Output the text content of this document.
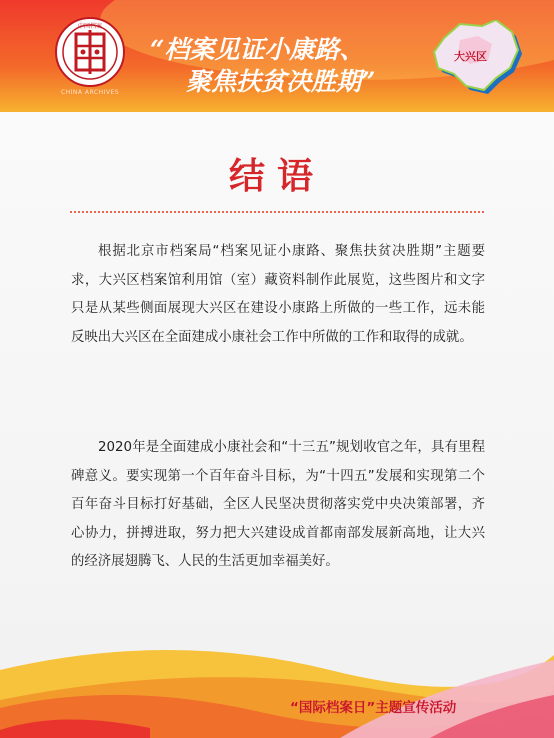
中国档案
CHINA ARCHIVES
“档案见证小康路、
聚焦扶贫决胜期”
大兴区
结语

根据北京市档案局“档案见证小康路、聚焦扶贫决胜期”主题要求，大兴区档案馆利用馆（室）藏资料制作此展览，这些图片和文字只是从某些侧面展现大兴区在建设小康路上所做的一些工作，远未能反映出大兴区在全面建成小康社会工作中所做的工作和取得的成就。

2020年是全面建成小康社会和“十三五”规划收官之年，具有里程碑意义。要实现第一个百年奋斗目标，为“十四五”发展和实现第二个百年奋斗目标打好基础，全区人民坚决贯彻落实党中央决策部署，齐心协力，拼搏进取，努力把大兴建设成首都南部发展新高地，让大兴的经济展翅腾飞、人民的生活更加幸福美好。

“国际档案日”主题宣传活动
